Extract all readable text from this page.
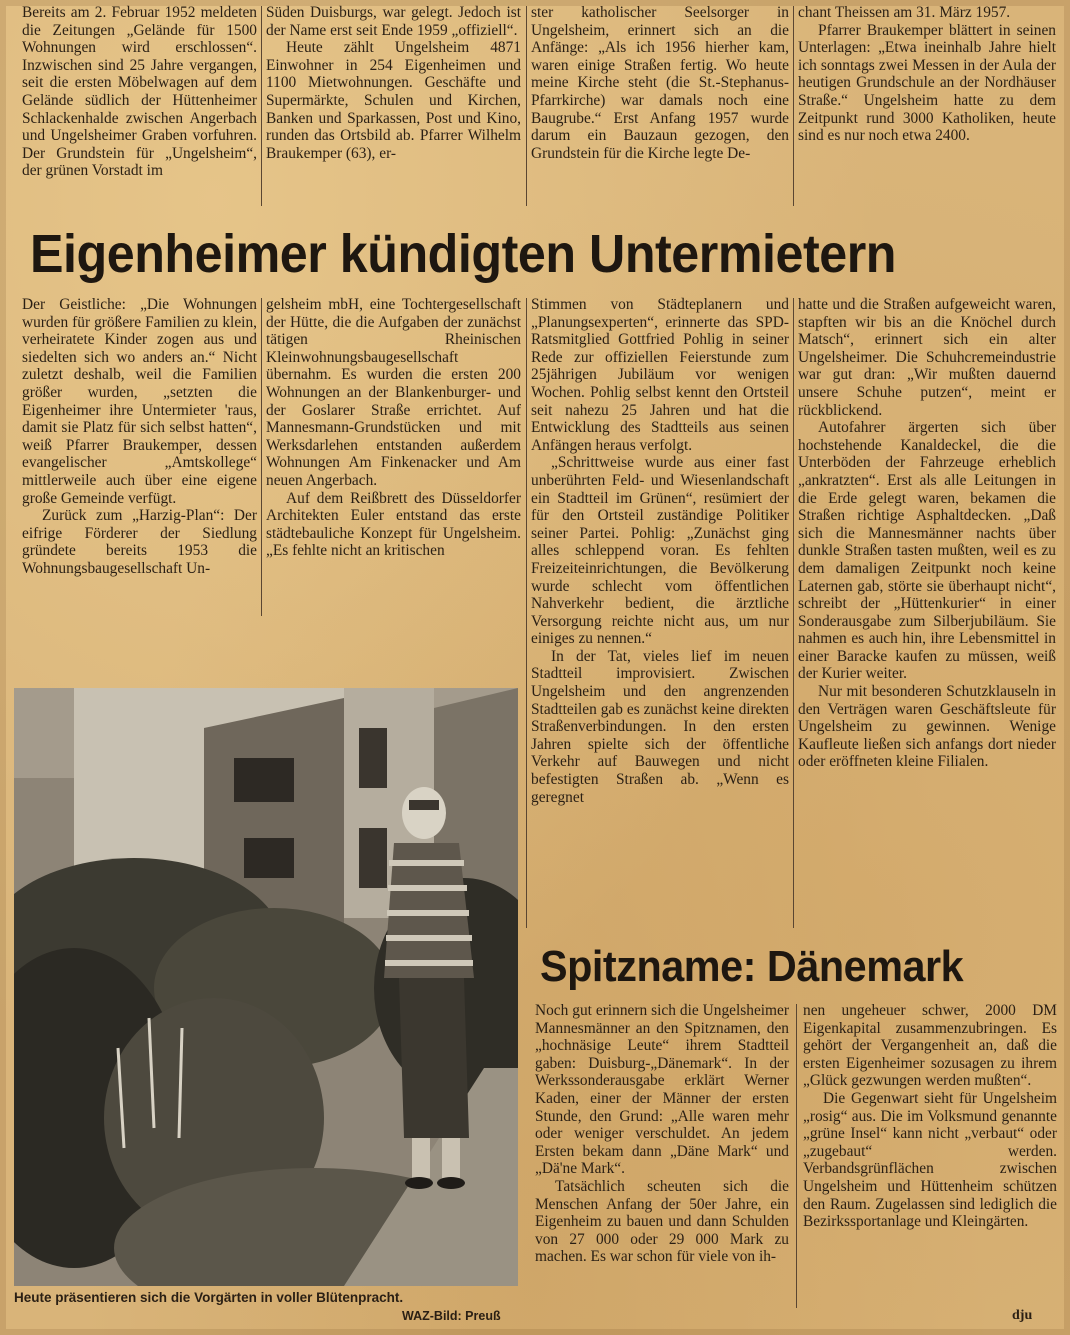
Bereits am 2. Februar 1952 meldeten die Zeitungen „Gelände für 1500 Wohnungen wird erschlossen“. Inzwischen sind 25 Jahre vergangen, seit die ersten Möbelwagen auf dem Gelände südlich der Hüttenheimer Schlackenhalde zwischen Angerbach und Ungelsheimer Graben vorfuhren. Der Grundstein für „Ungelsheim“, der grünen Vorstadt im

Süden Duisburgs, war gelegt. Jedoch ist der Name erst seit Ende 1959 „offiziell“.

Heute zählt Ungelsheim 4871 Einwohner in 254 Eigenheimen und 1100 Mietwohnungen. Geschäfte und Supermärkte, Schulen und Kirchen, Banken und Sparkassen, Post und Kino, runden das Ortsbild ab. Pfarrer Wilhelm Braukemper (63), er-

ster katholischer Seelsorger in Ungelsheim, erinnert sich an die Anfänge: „Als ich 1956 hierher kam, waren einige Straßen fertig. Wo heute meine Kirche steht (die St.-Stephanus-Pfarrkirche) war damals noch eine Baugrube.“ Erst Anfang 1957 wurde darum ein Bauzaun gezogen, den Grundstein für die Kirche legte De-

chant Theissen am 31. März 1957.

Pfarrer Braukemper blättert in seinen Unterlagen: „Etwa ineinhalb Jahre hielt ich sonntags zwei Messen in der Aula der heutigen Grundschule an der Nordhäuser Straße.“ Ungelsheim hatte zu dem Zeitpunkt rund 3000 Katholiken, heute sind es nur noch etwa 2400.

Eigenheimer kündigten Untermietern

Der Geistliche: „Die Wohnungen wurden für größere Familien zu klein, verheiratete Kinder zogen aus und siedelten sich wo anders an.“ Nicht zuletzt deshalb, weil die Familien größer wurden, „setzten die Eigenheimer ihre Untermieter 'raus, damit sie Platz für sich selbst hatten“, weiß Pfarrer Braukemper, dessen evangelischer „Amtskollege“ mittlerweile auch über eine eigene große Gemeinde verfügt.

Zurück zum „Harzig-Plan“: Der eifrige Förderer der Siedlung gründete bereits 1953 die Wohnungsbaugesellschaft Un-

gelsheim mbH, eine Tochtergesellschaft der Hütte, die die Aufgaben der zunächst tätigen Rheinischen Kleinwohnungsbaugesellschaft übernahm. Es wurden die ersten 200 Wohnungen an der Blankenburger- und der Goslarer Straße errichtet. Auf Mannesmann-Grundstücken und mit Werksdarlehen entstanden außerdem Wohnungen Am Finkenacker und Am neuen Angerbach.

Auf dem Reißbrett des Düsseldorfer Architekten Euler entstand das erste städtebauliche Konzept für Ungelsheim. „Es fehlte nicht an kritischen

Stimmen von Städteplanern und „Planungsexperten“, erinnerte das SPD-Ratsmitglied Gottfried Pohlig in seiner Rede zur offiziellen Feierstunde zum 25jährigen Jubiläum vor wenigen Wochen. Pohlig selbst kennt den Ortsteil seit nahezu 25 Jahren und hat die Entwicklung des Stadtteils aus seinen Anfängen heraus verfolgt.

„Schrittweise wurde aus einer fast unberührten Feld- und Wiesenlandschaft ein Stadtteil im Grünen“, resümiert der für den Ortsteil zuständige Politiker seiner Partei. Pohlig: „Zunächst ging alles schleppend voran. Es fehlten Freizeiteinrichtungen, die Bevölkerung wurde schlecht vom öffentlichen Nahverkehr bedient, die ärztliche Versorgung reichte nicht aus, um nur einiges zu nennen.“

In der Tat, vieles lief im neuen Stadtteil improvisiert. Zwischen Ungelsheim und den angrenzenden Stadtteilen gab es zunächst keine direkten Straßenverbindungen. In den ersten Jahren spielte sich der öffentliche Verkehr auf Bauwegen und nicht befestigten Straßen ab. „Wenn es geregnet

hatte und die Straßen aufgeweicht waren, stapften wir bis an die Knöchel durch Matsch“, erinnert sich ein alter Ungelsheimer. Die Schuhcremeindustrie war gut dran: „Wir mußten dauernd unsere Schuhe putzen“, meint er rückblickend.

Autofahrer ärgerten sich über hochstehende Kanaldeckel, die die Unterböden der Fahrzeuge erheblich „ankratzten“. Erst als alle Leitungen in die Erde gelegt waren, bekamen die Straßen richtige Asphaltdecken. „Daß sich die Mannesmänner nachts über dunkle Straßen tasten mußten, weil es zu dem damaligen Zeitpunkt noch keine Laternen gab, störte sie überhaupt nicht“, schreibt der „Hüttenkurier“ in einer Sonderausgabe zum Silberjubiläum. Sie nahmen es auch hin, ihre Lebensmittel in einer Baracke kaufen zu müssen, weiß der Kurier weiter.

Nur mit besonderen Schutzklauseln in den Verträgen waren Geschäftsleute für Ungelsheim zu gewinnen. Wenige Kaufleute ließen sich anfangs dort nieder oder eröffneten kleine Filialen.

Heute präsentieren sich die Vorgärten in voller Blütenpracht.
WAZ-Bild: Preuß
Spitzname: Dänemark

Noch gut erinnern sich die Ungelsheimer Mannesmänner an den Spitznamen, den „hochnäsige Leute“ ihrem Stadtteil gaben: Duisburg-„Dänemark“. In der Werkssonderausgabe erklärt Werner Kaden, einer der Männer der ersten Stunde, den Grund: „Alle waren mehr oder weniger verschuldet. An jedem Ersten bekam dann „Däne Mark“ und „Dä'ne Mark“.

Tatsächlich scheuten sich die Menschen Anfang der 50er Jahre, ein Eigenheim zu bauen und dann Schulden von 27 000 oder 29 000 Mark zu machen. Es war schon für viele von ih-

nen ungeheuer schwer, 2000 DM Eigenkapital zusammenzubringen. Es gehört der Vergangenheit an, daß die ersten Eigenheimer sozusagen zu ihrem „Glück gezwungen werden mußten“.

Die Gegenwart sieht für Ungelsheim „rosig“ aus. Die im Volksmund genannte „grüne Insel“ kann nicht „verbaut“ oder „zugebaut“ werden. Verbandsgrünflächen zwischen Ungelsheim und Hüttenheim schützen den Raum. Zugelassen sind lediglich die Bezirkssportanlage und Kleingärten.

dju
